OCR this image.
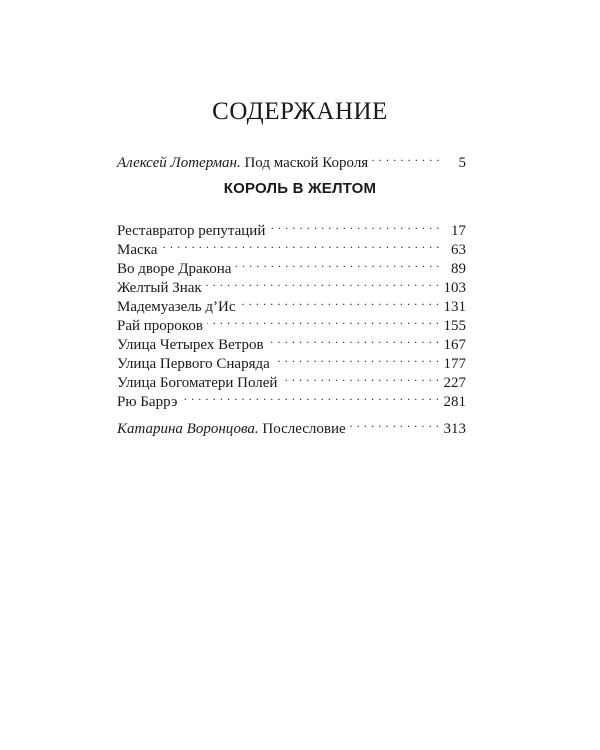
СОДЕРЖАНИЕ
Алексей Лотерман. Под маской Короля . . .	5
КОРОЛЬ В ЖЕЛТОМ
Реставратор репутаций . . .	17
Маска . . .	63
Во дворе Дракона . . .	89
Желтый Знак . . .	103
Мадемуазель д’Ис . . .	131
Рай пророков . . .	155
Улица Четырех Ветров . . .	167
Улица Первого Снаряда . . .	177
Улица Богоматери Полей . . .	227
Рю Баррэ . . .	281
Катарина Воронцова. Послесловие . . .	313
